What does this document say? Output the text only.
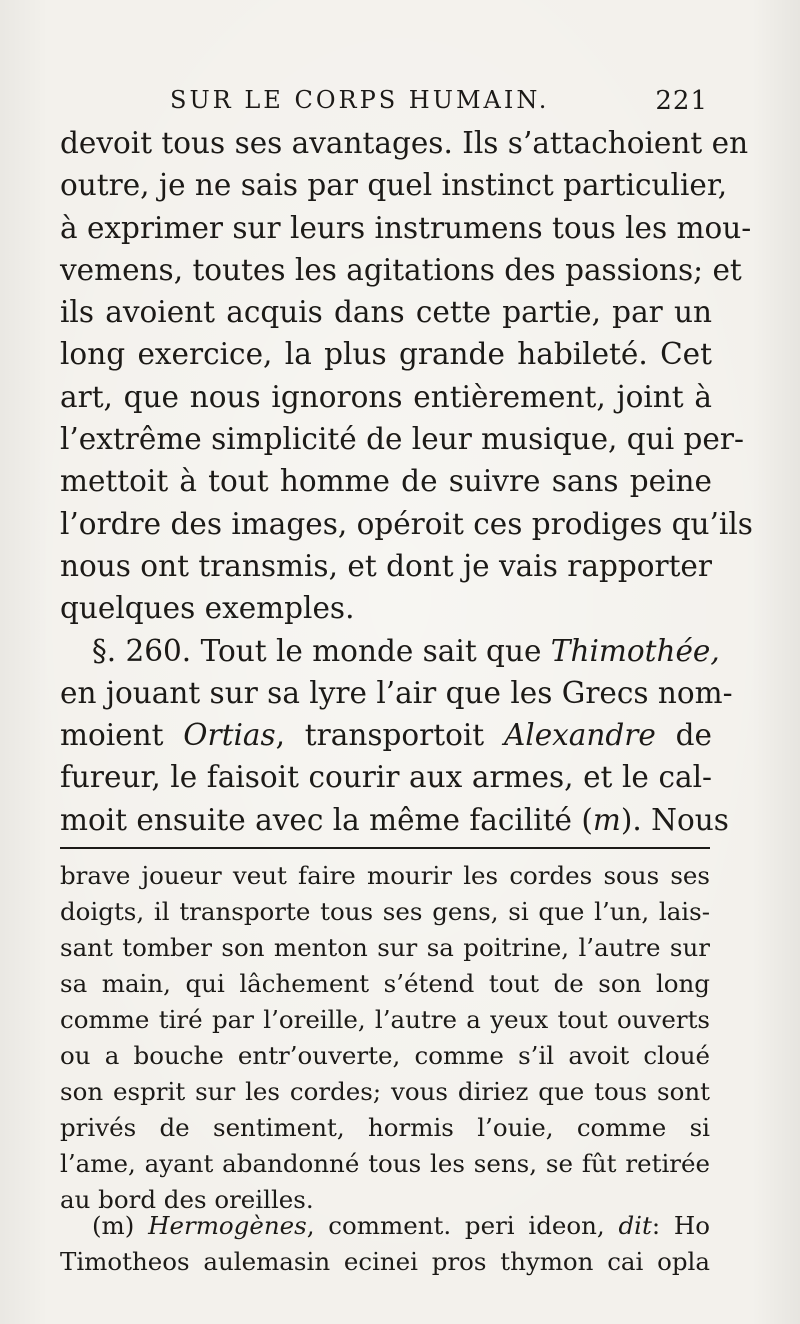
SUR LE CORPS HUMAIN.	221
devoit tous ses avantages. Ils s’attachoient en
outre, je ne sais par quel instinct particulier,
à exprimer sur leurs instrumens tous les mou-
vemens, toutes les agitations des passions; et
ils avoient acquis dans cette partie, par un
long exercice, la plus grande habileté. Cet
art, que nous ignorons entièrement, joint à
l’extrême simplicité de leur musique, qui per-
mettoit à tout homme de suivre sans peine
l’ordre des images, opéroit ces prodiges qu’ils
nous ont transmis, et dont je vais rapporter
quelques exemples.
§. 260. Tout le monde sait que Thimothée,
en jouant sur sa lyre l’air que les Grecs nom-
moient Ortias, transportoit Alexandre de
fureur, le faisoit courir aux armes, et le cal-
moit ensuite avec la même facilité (m). Nous
brave joueur veut faire mourir les cordes sous ses
doigts, il transporte tous ses gens, si que l’un, lais-
sant tomber son menton sur sa poitrine, l’autre sur
sa main, qui lâchement s’étend tout de son long
comme tiré par l’oreille, l’autre a yeux tout ouverts
ou a bouche entr’ouverte, comme s’il avoit cloué
son esprit sur les cordes; vous diriez que tous sont
privés de sentiment, hormis l’ouie, comme si
l’ame, ayant abandonné tous les sens, se fût retirée
au bord des oreilles.
(m) Hermogènes, comment. peri ideon, dit: Ho
Timotheos aulemasin ecinei pros thymon cai opla
